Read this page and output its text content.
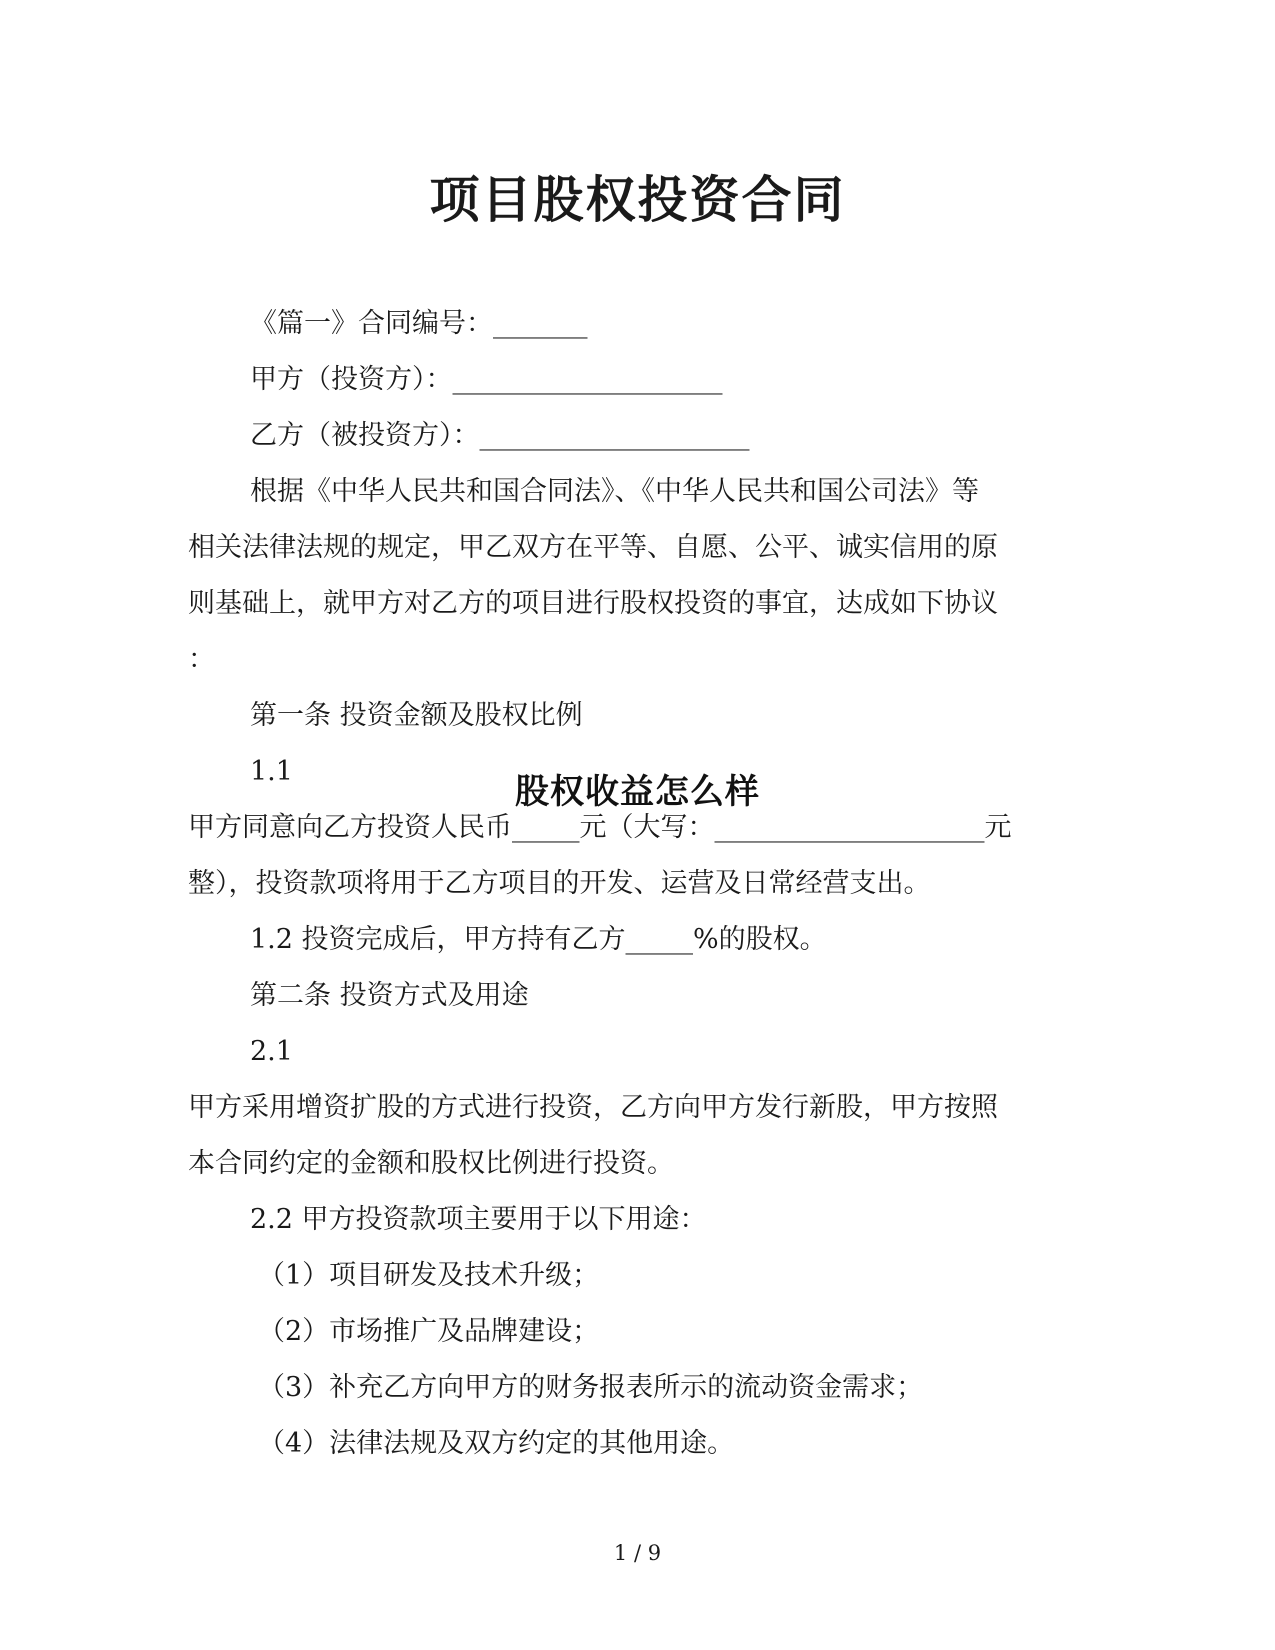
项目股权投资合同
《篇一》合同编号：_______
甲方（投资方）：____________________
乙方（被投资方）：____________________
根据《中华人民共和国合同法》、《中华人民共和国公司法》等
相关法律法规的规定，甲乙双方在平等、自愿、公平、诚实信用的原
则基础上，就甲方对乙方的项目进行股权投资的事宜，达成如下协议
：
第一条 投资金额及股权比例
1.1
甲方同意向乙方投资人民币_____元（大写：____________________元
整），投资款项将用于乙方项目的开发、运营及日常经营支出。
1.2 投资完成后，甲方持有乙方_____%的股权。
第二条 投资方式及用途
2.1
甲方采用增资扩股的方式进行投资，乙方向甲方发行新股，甲方按照
本合同约定的金额和股权比例进行投资。
2.2 甲方投资款项主要用于以下用途：
（1）项目研发及技术升级；
（2）市场推广及品牌建设；
（3）补充乙方向甲方的财务报表所示的流动资金需求；
（4）法律法规及双方约定的其他用途。
股权收益怎么样
1 / 9
